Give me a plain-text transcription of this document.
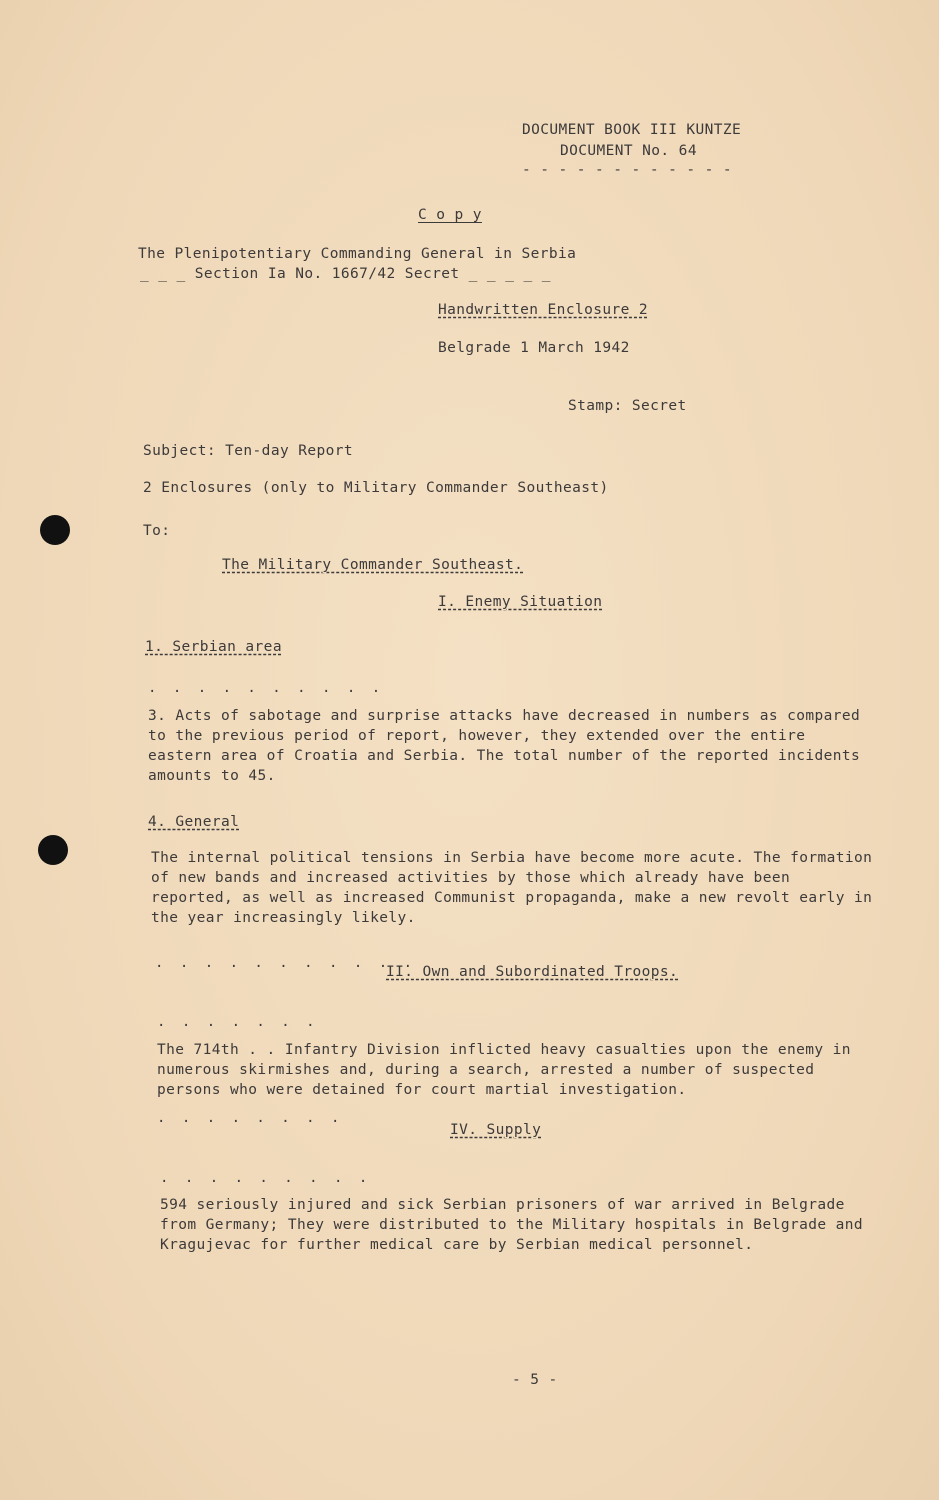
DOCUMENT BOOK III KUNTZE
DOCUMENT No. 64
- - - - - - - - - - - -
C o p y
The Plenipotentiary Commanding General in Serbia
_ _ _ Section Ia No. 1667/42 Secret _ _ _ _ _
Handwritten Enclosure 2
Belgrade 1 March 1942
Stamp: Secret
Subject: Ten-day Report
2 Enclosures (only to Military Commander Southeast)
To:
The Military Commander Southeast.
I. Enemy Situation
1. Serbian area
. . . . . . . . . .
3. Acts of sabotage and surprise attacks have decreased in numbers as compared to the previous period of report, however, they extended over the entire eastern area of Croatia and Serbia. The total number of the reported incidents amounts to 45.
4. General
The internal political tensions in Serbia have become more acute. The formation of new bands and increased activities by those which already have been reported, as well as increased Communist propaganda, make a new revolt early in the year increasingly likely.
. . . . . . . . . . .
II. Own and Subordinated Troops.
. . . . . . .
The 714th . . Infantry Division inflicted heavy casualties upon the enemy in numerous skirmishes and, during a search, arrested a number of suspected persons who were detained for court martial investigation.
. . . . . . . .
IV. Supply
. . . . . . . . .
594 seriously injured and sick Serbian prisoners of war arrived in Belgrade from Germany; They were distributed to the Military hospitals in Belgrade and Kragujevac for further medical care by Serbian medical personnel.
- 5 -
